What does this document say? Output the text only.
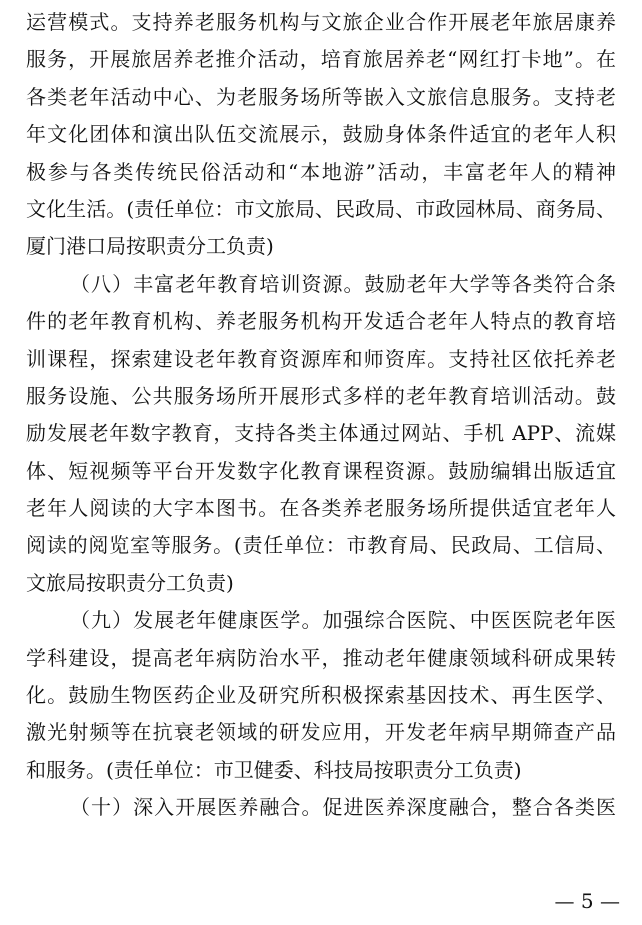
运营模式。支持养老服务机构与文旅企业合作开展老年旅居康养
服务，开展旅居养老推介活动，培育旅居养老“网红打卡地”。在
各类老年活动中心、为老服务场所等嵌入文旅信息服务。支持老
年文化团体和演出队伍交流展示，鼓励身体条件适宜的老年人积
极参与各类传统民俗活动和“本地游”活动，丰富老年人的精神
文化生活。(责任单位：市文旅局、民政局、市政园林局、商务局、
厦门港口局按职责分工负责)
（八）丰富老年教育培训资源。鼓励老年大学等各类符合条
件的老年教育机构、养老服务机构开发适合老年人特点的教育培
训课程，探索建设老年教育资源库和师资库。支持社区依托养老
服务设施、公共服务场所开展形式多样的老年教育培训活动。鼓
励发展老年数字教育，支持各类主体通过网站、手机 APP、流媒
体、短视频等平台开发数字化教育课程资源。鼓励编辑出版适宜
老年人阅读的大字本图书。在各类养老服务场所提供适宜老年人
阅读的阅览室等服务。(责任单位：市教育局、民政局、工信局、
文旅局按职责分工负责)
（九）发展老年健康医学。加强综合医院、中医医院老年医
学科建设，提高老年病防治水平，推动老年健康领域科研成果转
化。鼓励生物医药企业及研究所积极探索基因技术、再生医学、
激光射频等在抗衰老领域的研发应用，开发老年病早期筛查产品
和服务。(责任单位：市卫健委、科技局按职责分工负责)
（十）深入开展医养融合。促进医养深度融合，整合各类医
— 5 —
